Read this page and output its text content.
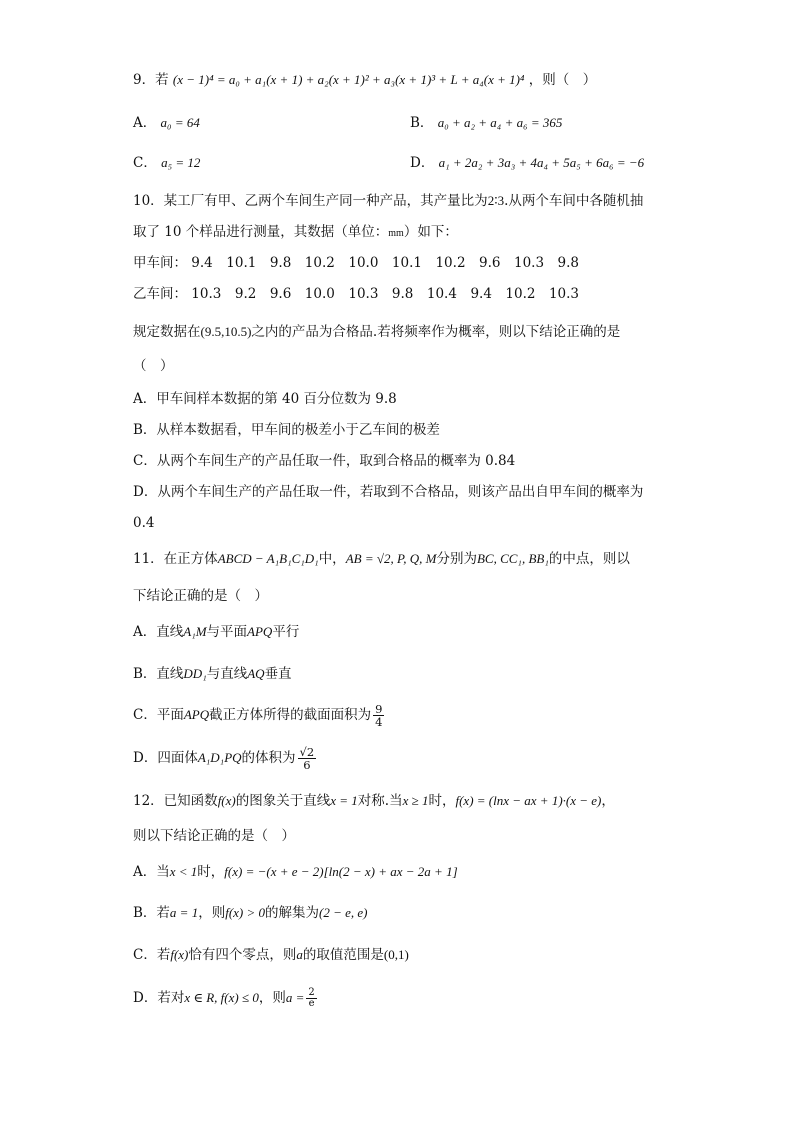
9．若 (x − 1)⁴ = a₀ + a₁(x + 1) + a₂(x + 1)² + a₃(x + 1)³ + L + a₄(x + 1)⁴ ，则（　）
A． a₀ = 64	B． a₀ + a₂ + a₄ + a₆ = 365
C． a₅ = 12	D． a₁ + 2a₂ + 3a₃ + 4a₄ + 5a₅ + 6a₆ = −6
10．某工厂有甲、乙两个车间生产同一种产品，其产量比为2∶3.从两个车间中各随机抽
取了 10 个样品进行测量，其数据（单位：mm）如下：
甲车间： 9.4　10.1　9.8　10.2　10.0　10.1　10.2　9.6　10.3　9.8
乙车间： 10.3　9.2　9.6　10.0　10.3　9.8　10.4　9.4　10.2　10.3
规定数据在(9.5,10.5)之内的产品为合格品.若将频率作为概率，则以下结论正确的是
（　）
A．甲车间样本数据的第 40 百分位数为 9.8
B．从样本数据看，甲车间的极差小于乙车间的极差
C．从两个车间生产的产品任取一件，取到合格品的概率为 0.84
D．从两个车间生产的产品任取一件，若取到不合格品，则该产品出自甲车间的概率为
0.4
11．在正方体ABCD − A₁B₁C₁D₁中，AB = √2, P, Q, M分别为BC, CC₁, BB₁的中点，则以
下结论正确的是（　）
A．直线A₁M与平面APQ平行
B．直线DD₁与直线AQ垂直
C．平面APQ截正方体所得的截面面积为 $\frac{9}{4}$
D．四面体A₁D₁PQ的体积为 $\frac{√2}{6}$
12．已知函数f(x)的图象关于直线x = 1对称.当x ≥ 1时，f(x) = (lnx − ax + 1)·(x − e)，
则以下结论正确的是（　）
A．当x < 1时，f(x) = −(x + e − 2)[ln(2 − x) + ax − 2a + 1]
B．若a = 1，则f(x) > 0的解集为(2 − e, e)
C．若f(x)恰有四个零点，则a的取值范围是(0,1)
D．若对x ∈ R, f(x) ≤ 0，则$a = \frac{2}{e}$
